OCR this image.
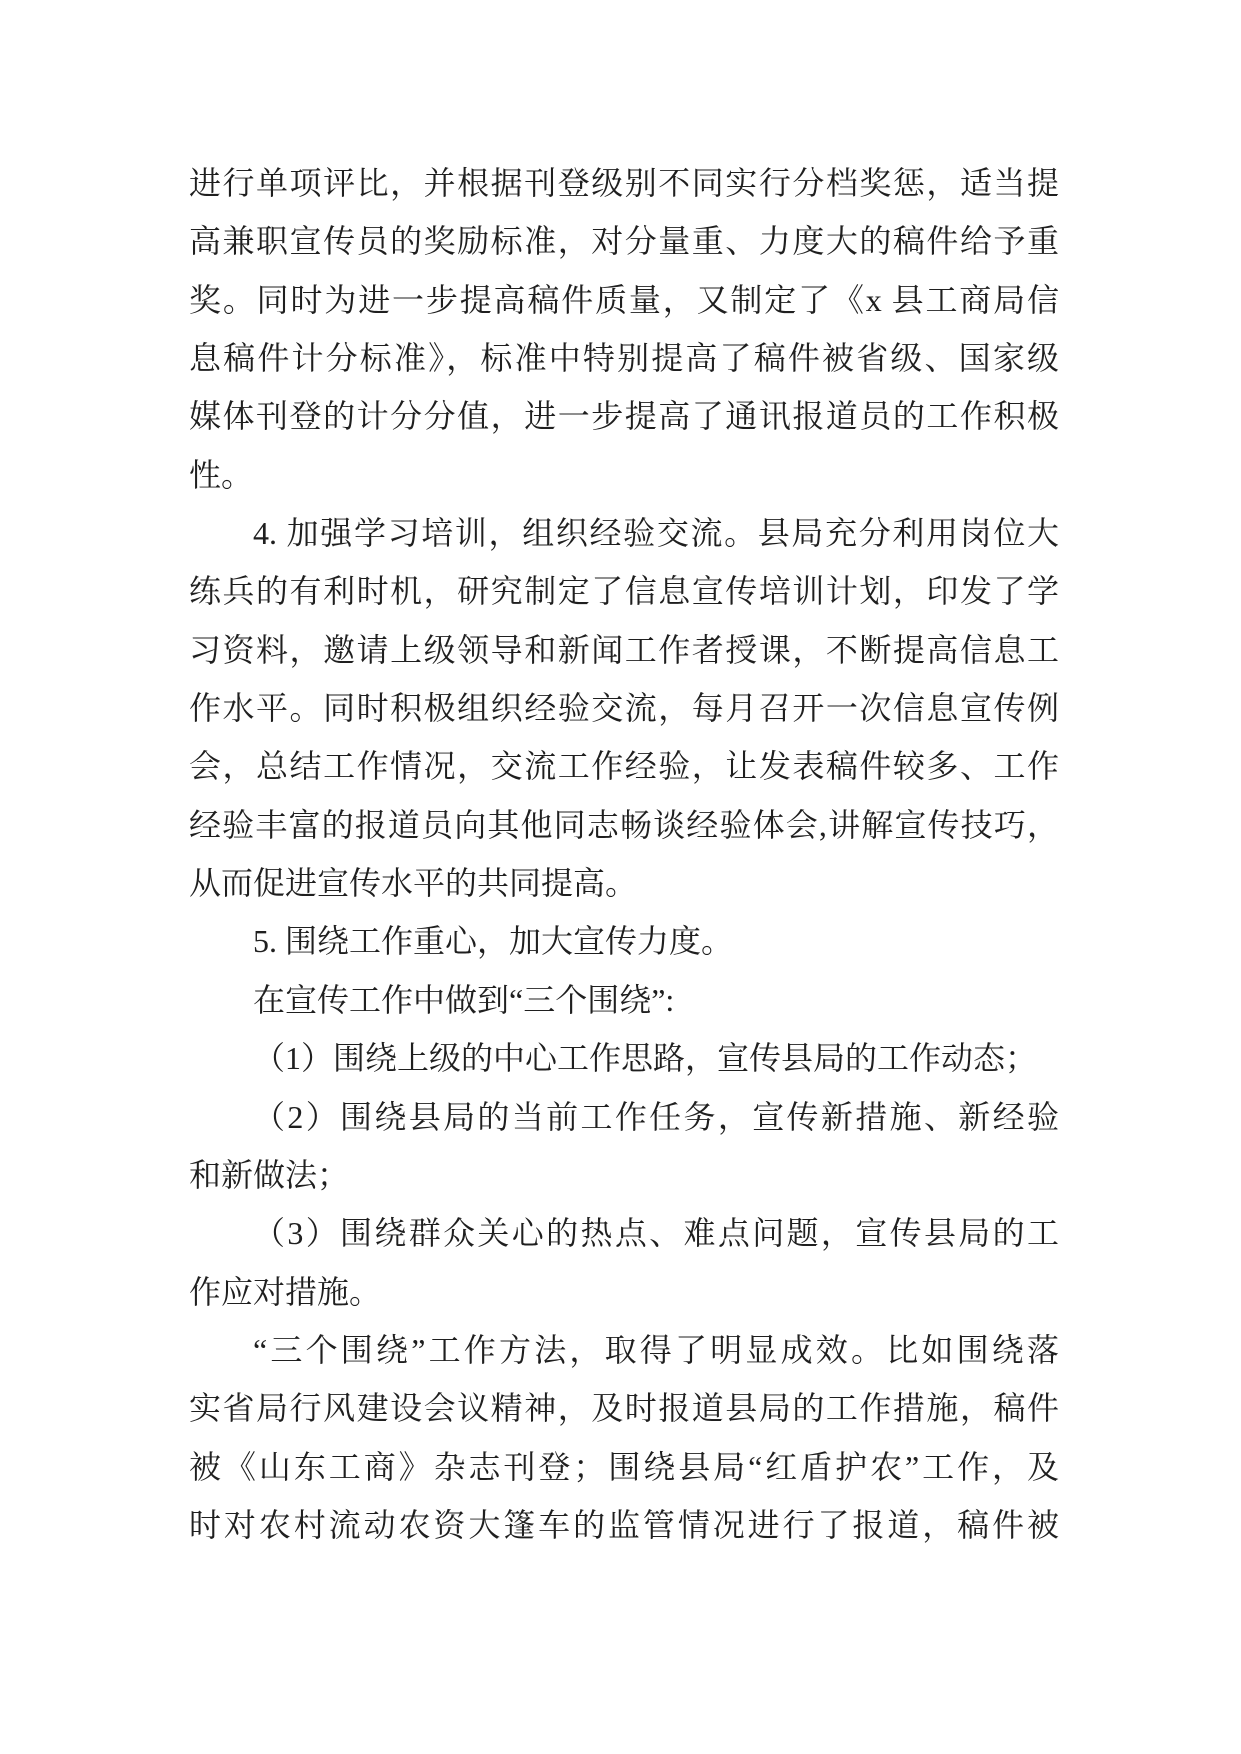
进行单项评比，并根据刊登级别不同实行分档奖惩，适当提
高兼职宣传员的奖励标准，对分量重、力度大的稿件给予重
奖。同时为进一步提高稿件质量，又制定了《x 县工商局信
息稿件计分标准》，标准中特别提高了稿件被省级、国家级
媒体刊登的计分分值，进一步提高了通讯报道员的工作积极
性。
4. 加强学习培训，组织经验交流。县局充分利用岗位大
练兵的有利时机，研究制定了信息宣传培训计划，印发了学
习资料，邀请上级领导和新闻工作者授课，不断提高信息工
作水平。同时积极组织经验交流，每月召开一次信息宣传例
会，总结工作情况，交流工作经验，让发表稿件较多、工作
经验丰富的报道员向其他同志畅谈经验体会,讲解宣传技巧，
从而促进宣传水平的共同提高。
5. 围绕工作重心，加大宣传力度。
在宣传工作中做到“三个围绕”:
（1）围绕上级的中心工作思路，宣传县局的工作动态；
（2）围绕县局的当前工作任务，宣传新措施、新经验
和新做法；
（3）围绕群众关心的热点、难点问题，宣传县局的工
作应对措施。
“三个围绕”工作方法，取得了明显成效。比如围绕落
实省局行风建设会议精神，及时报道县局的工作措施，稿件
被《山东工商》杂志刊登；围绕县局“红盾护农”工作，及
时对农村流动农资大篷车的监管情况进行了报道，稿件被
